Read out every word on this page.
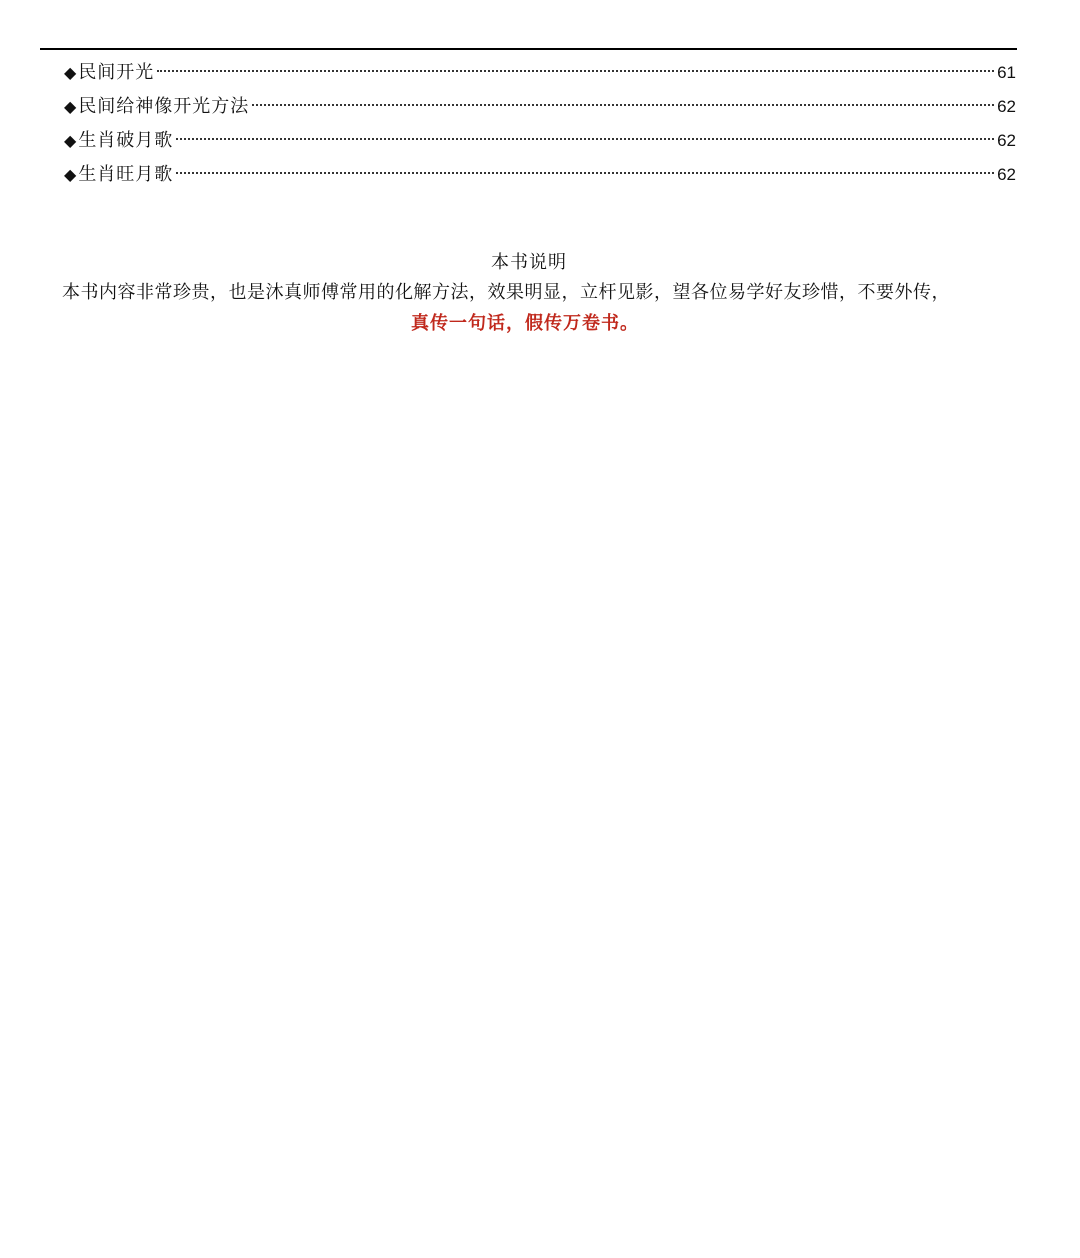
◆ 民间开光	61
◆ 民间给神像开光方法	62
◆ 生肖破月歌	62
◆ 生肖旺月歌	62
本书说明
本书内容非常珍贵，也是沐真师傅常用的化解方法，效果明显，立杆见影，望各位易学好友珍惜，不要外传，
真传一句话，假传万卷书。
